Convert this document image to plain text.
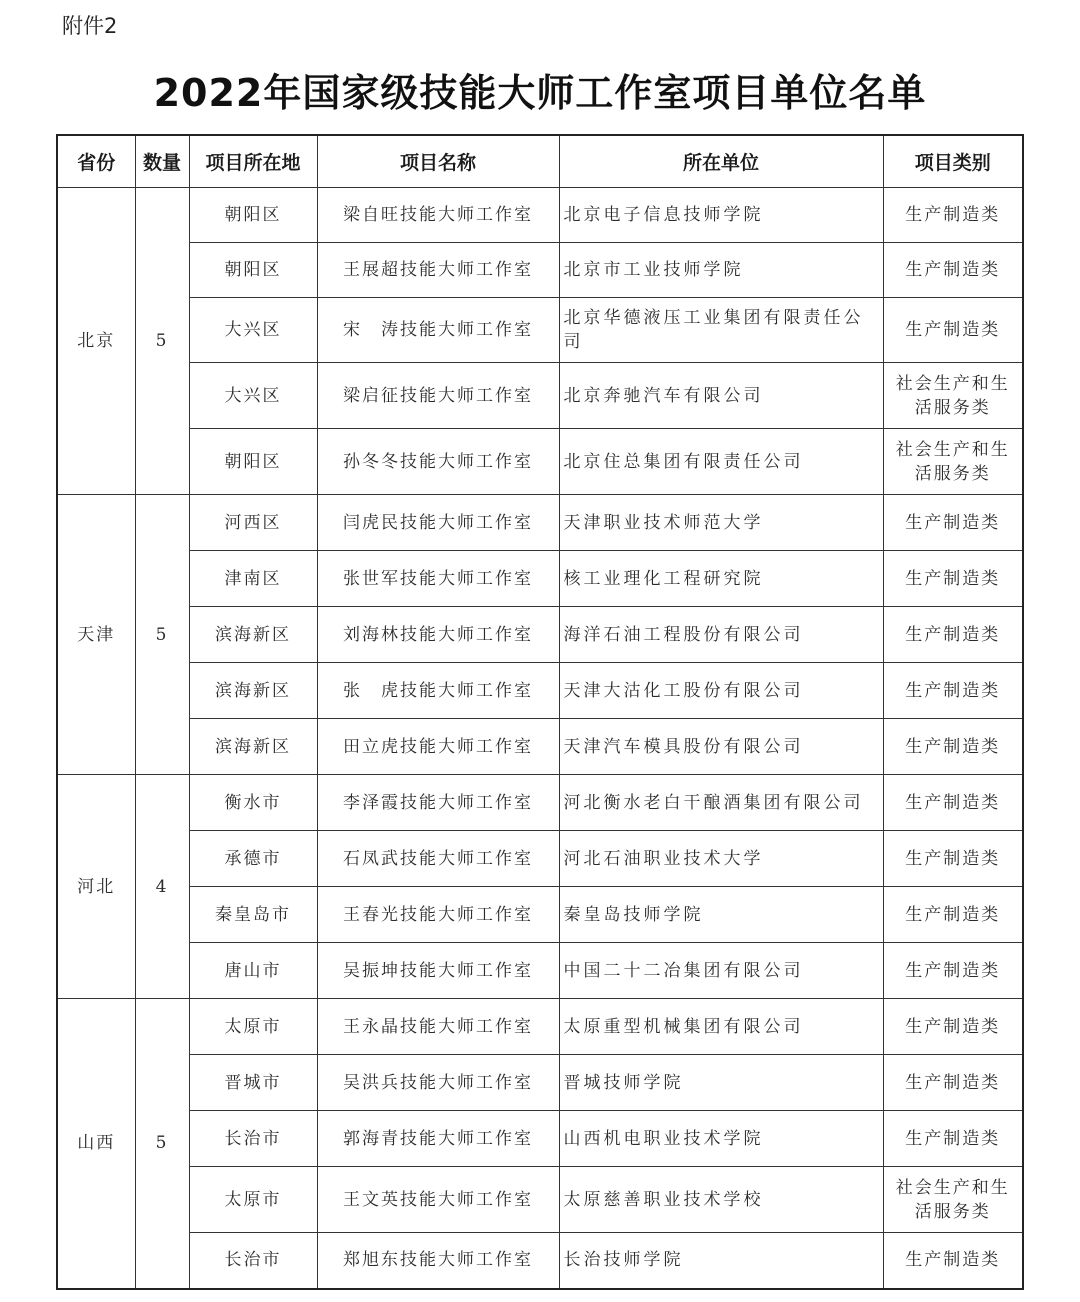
附件2
2022年国家级技能大师工作室项目单位名单
省份	数量	项目所在地	项目名称	所在单位	项目类别
北京	5	朝阳区	梁自旺技能大师工作室	北京电子信息技师学院	生产制造类
		朝阳区	王展超技能大师工作室	北京市工业技师学院	生产制造类
		大兴区	宋　涛技能大师工作室	北京华德液压工业集团有限责任公司	生产制造类
		大兴区	梁启征技能大师工作室	北京奔驰汽车有限公司	社会生产和生活服务类
		朝阳区	孙冬冬技能大师工作室	北京住总集团有限责任公司	社会生产和生活服务类
天津	5	河西区	闫虎民技能大师工作室	天津职业技术师范大学	生产制造类
		津南区	张世军技能大师工作室	核工业理化工程研究院	生产制造类
		滨海新区	刘海林技能大师工作室	海洋石油工程股份有限公司	生产制造类
		滨海新区	张　虎技能大师工作室	天津大沽化工股份有限公司	生产制造类
		滨海新区	田立虎技能大师工作室	天津汽车模具股份有限公司	生产制造类
河北	4	衡水市	李泽霞技能大师工作室	河北衡水老白干酿酒集团有限公司	生产制造类
		承德市	石凤武技能大师工作室	河北石油职业技术大学	生产制造类
		秦皇岛市	王春光技能大师工作室	秦皇岛技师学院	生产制造类
		唐山市	吴振坤技能大师工作室	中国二十二冶集团有限公司	生产制造类
山西	5	太原市	王永晶技能大师工作室	太原重型机械集团有限公司	生产制造类
		晋城市	吴洪兵技能大师工作室	晋城技师学院	生产制造类
		长治市	郭海青技能大师工作室	山西机电职业技术学院	生产制造类
		太原市	王文英技能大师工作室	太原慈善职业技术学校	社会生产和生活服务类
		长治市	郑旭东技能大师工作室	长治技师学院	生产制造类
